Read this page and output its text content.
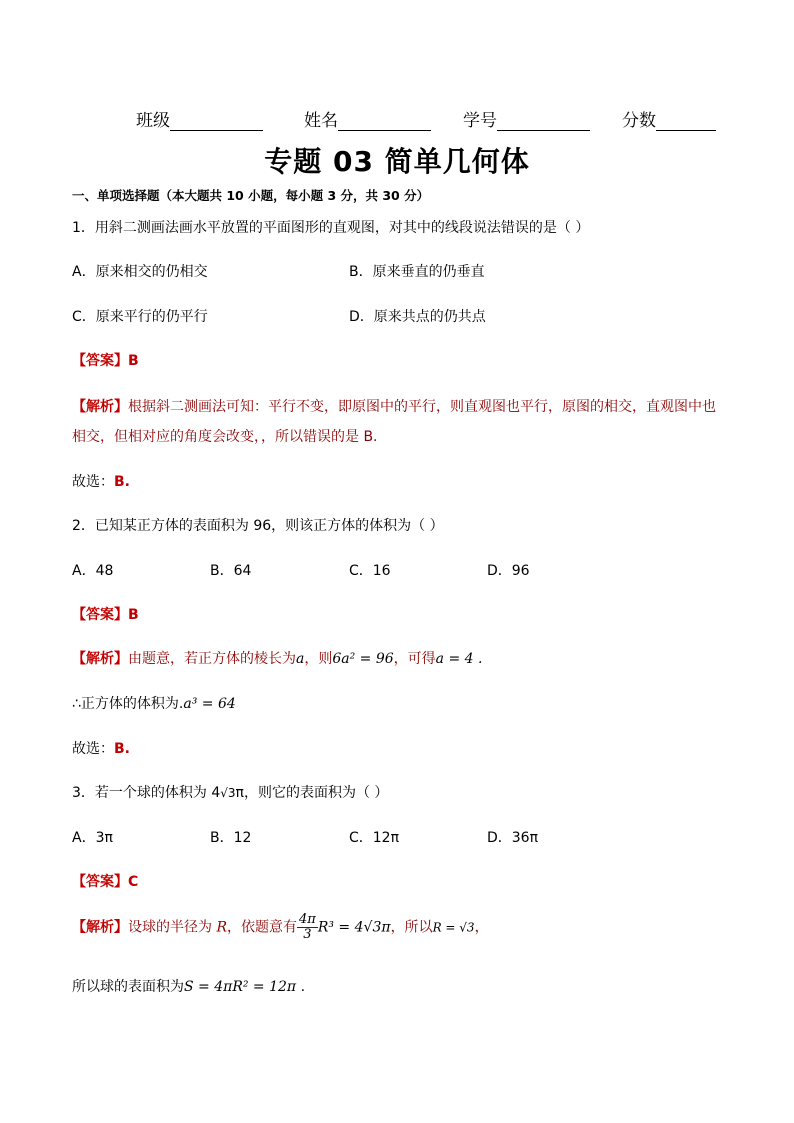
班级	姓名	学号	分数
专题 03 简单几何体
一、单项选择题（本大题共 10 小题，每小题 3 分，共 30 分）
1．用斜二测画法画水平放置的平面图形的直观图，对其中的线段说法错误的是（ ）
A．原来相交的仍相交	B．原来垂直的仍垂直
C．原来平行的仍平行	D．原来共点的仍共点
【答案】B
【解析】根据斜二测画法可知：平行不变，即原图中的平行，则直观图也平行，原图的相交，直观图中也
相交，但相对应的角度会改变，，所以错误的是 B.
故选：B.
2．已知某正方体的表面积为 96，则该正方体的体积为（ ）
A．48	B．64	C．16	D．96
【答案】B
【解析】由题意，若正方体的棱长为a，则6a² = 96，可得a = 4 .
∴正方体的体积为.a³ = 64
故选：B.
3．若一个球的体积为 4√3π，则它的表面积为（ ）
A．3π	B．12	C．12π	D．36π
【答案】C
【解析】设球的半径为 R，依题意有 $\frac{4\pi}{3} R^3 = 4√3\pi$，所以R = √3，
所以球的表面积为S = 4πR² = 12π .
